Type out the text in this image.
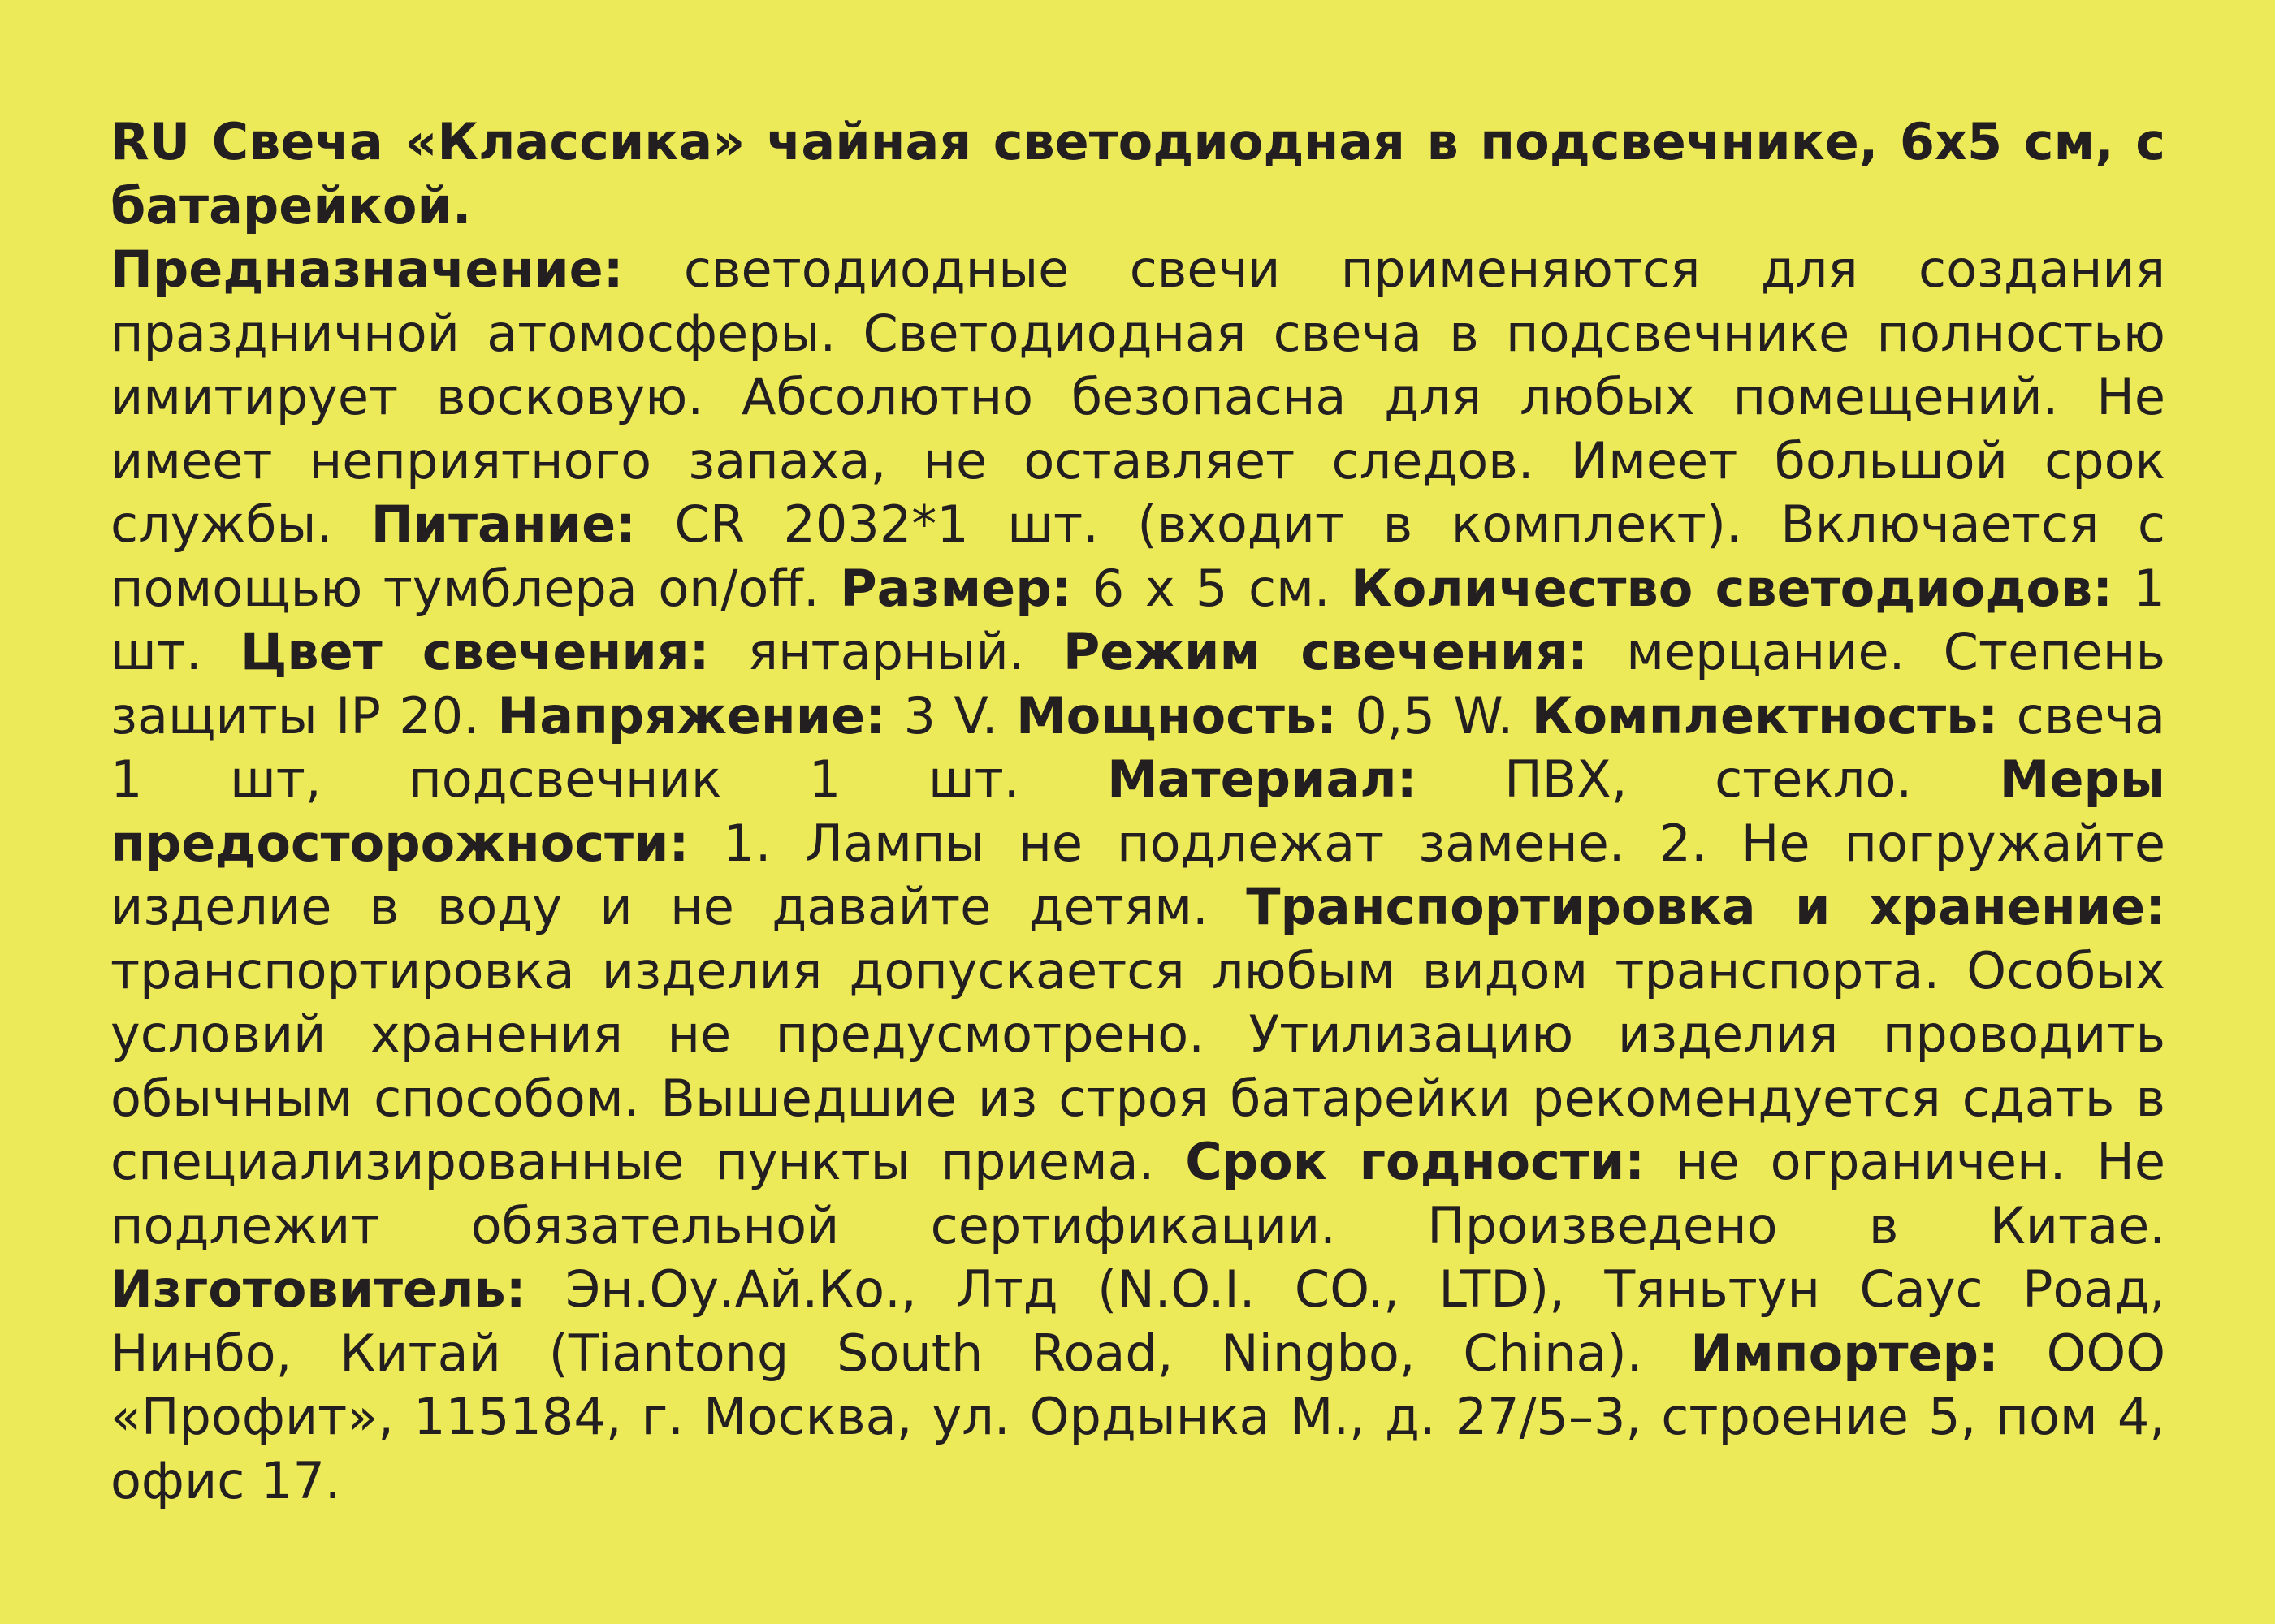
RU Свеча «Классика» чайная светодиодная в подсвечнике, 6х5 см, с батарейкой.

Предназначение: светодиодные свечи применяются для создания праздничной атомосферы. Светодиодная свеча в подсвечнике полностью имитирует восковую. Абсолютно безопасна для любых помещений. Не имеет неприятного запаха, не оставляет следов. Имеет большой срок службы. Питание: CR 2032*1 шт. (входит в комплект). Включается с помощью тумблера on/off. Размер: 6 x 5 см. Количество светодиодов: 1 шт. Цвет свечения: янтарный. Режим свечения: мерцание. Степень защиты IP 20. Напряжение: 3 V. Мощность: 0,5 W. Комплектность: свеча 1 шт, подсвечник 1 шт. Материал: ПВХ, стекло. Меры предосторожности: 1. Лампы не подлежат замене. 2. Не погружайте изделие в воду и не давайте детям. Транспортировка и хранение: транспортировка изделия допускается любым видом транспорта. Особых условий хранения не предусмотрено. Утилизацию изделия проводить обычным способом. Вышедшие из строя батарейки рекомендуется сдать в специализированные пункты приема. Срок годности: не ограничен. Не подлежит обязательной сертификации. Произведено в Китае. Изготовитель: Эн.Оу.Ай.Ко., Лтд (N.O.I. CO., LTD), Тяньтун Саус Роад, Нинбо, Китай (Tiantong South Road, Ningbo, China). Импортер: ООО «Профит», 115184, г. Москва, ул. Ордынка М., д. 27/5–3, строение 5, пом 4, офис 17.
